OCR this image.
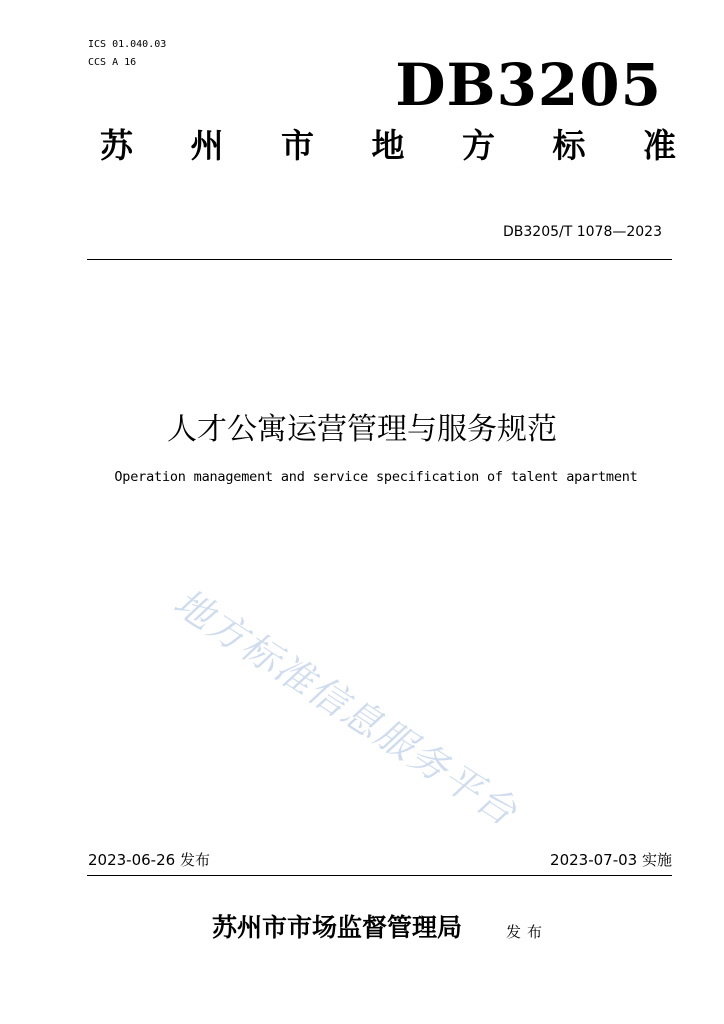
ICS 01.040.03
CCS A 16	DB3205
苏 州 市 地 方 标 准
DB3205/T 1078—2023
人才公寓运营管理与服务规范
Operation management and service specification of talent apartment
地方标准信息服务平台
2023-06-26 发布	2023-07-03 实施
苏州市市场监督管理局	发布
